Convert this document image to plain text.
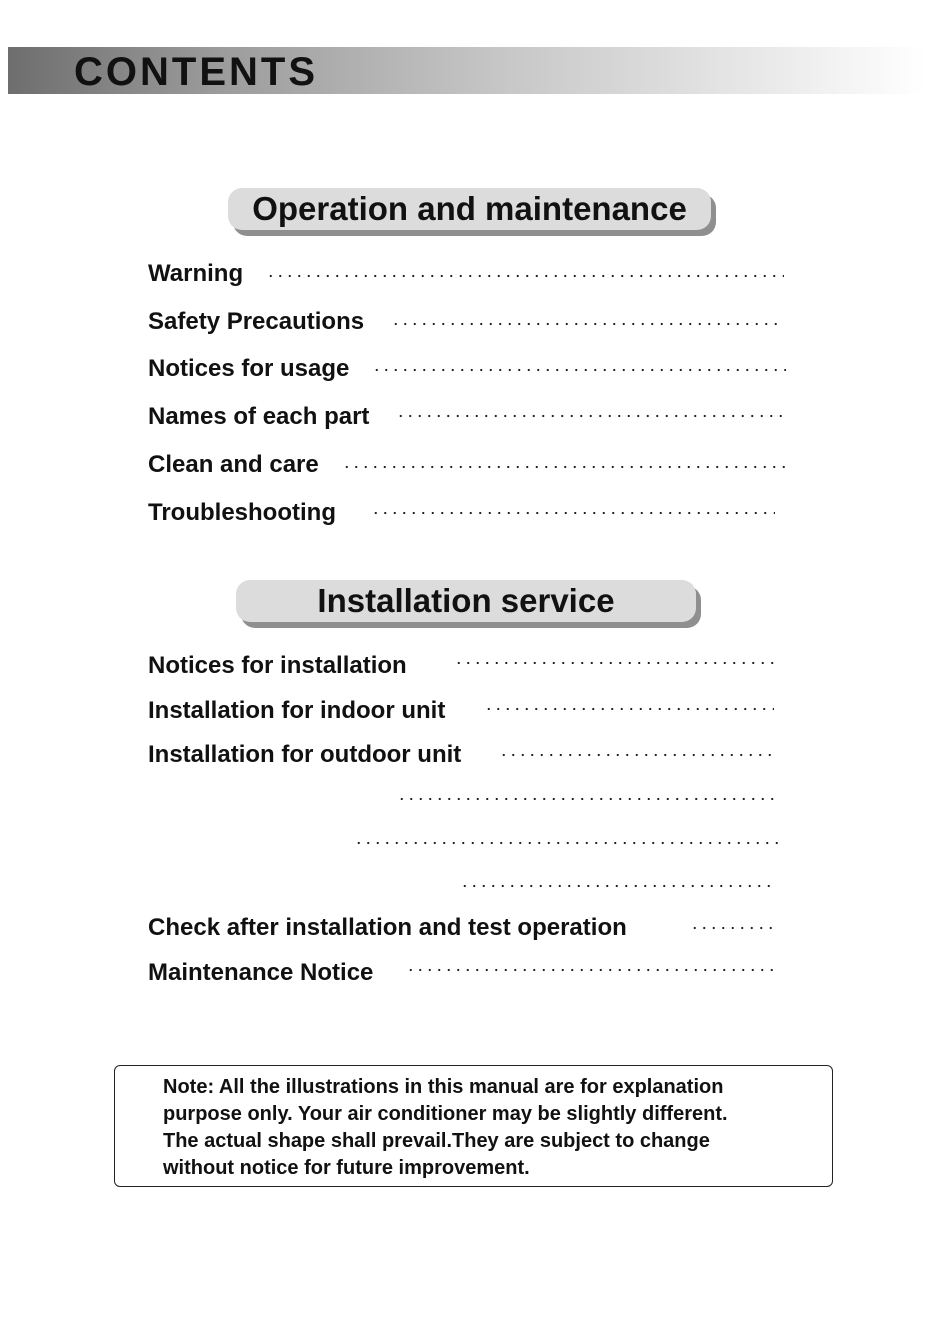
CONTENTS
Operation and maintenance
Warning
Safety Precautions
Notices for usage
Names of each part
Clean and care
Troubleshooting
Installation service
Notices for installation
Installation for indoor unit
Installation for outdoor unit
Check after installation and test operation
Maintenance Notice
Note: All the illustrations in this manual are for explanation
purpose only. Your air conditioner may be slightly different.
The actual shape shall prevail.They are subject to change
without notice for future improvement.
